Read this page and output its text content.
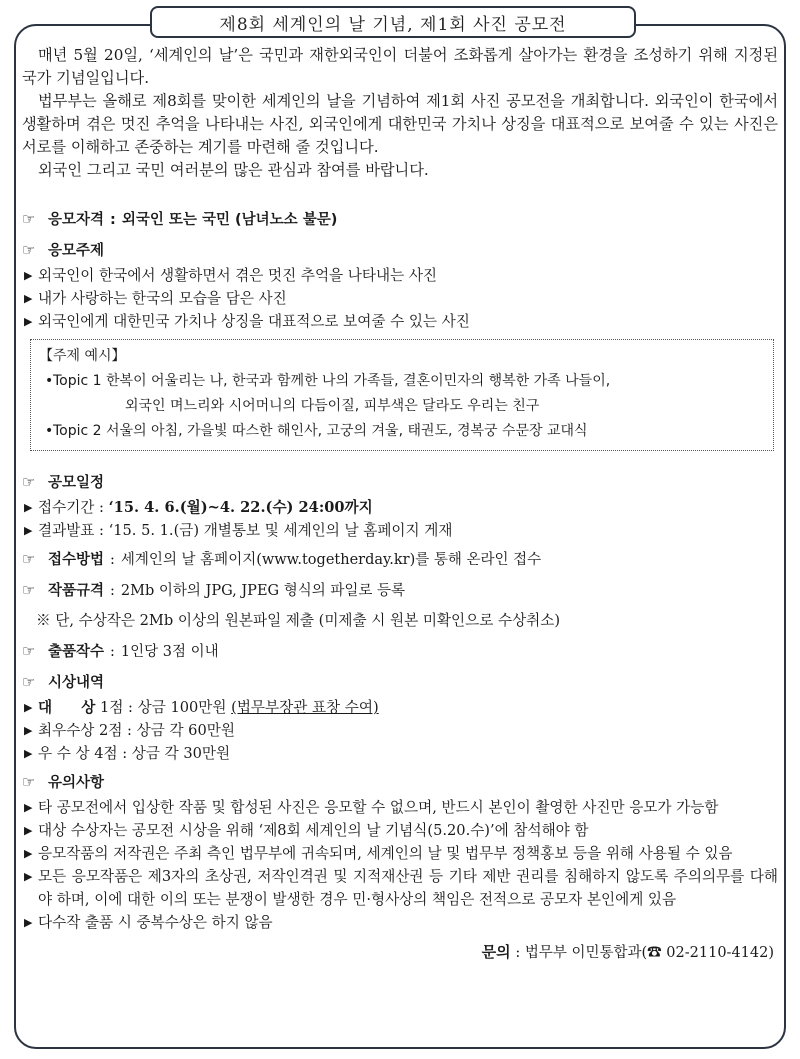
제8회 세계인의 날 기념, 제1회 사진 공모전

매년 5월 20일, ‘세계인의 날’은 국민과 재한외국인이 더불어 조화롭게 살아가는 환경을 조성하기 위해 지정된 국가 기념일입니다.

법무부는 올해로 제8회를 맞이한 세계인의 날을 기념하여 제1회 사진 공모전을 개최합니다. 외국인이 한국에서 생활하며 겪은 멋진 추억을 나타내는 사진, 외국인에게 대한민국 가치나 상징을 대표적으로 보여줄 수 있는 사진은 서로를 이해하고 존중하는 계기를 마련해 줄 것입니다.

외국인 그리고 국민 여러분의 많은 관심과 참여를 바랍니다.

☞ 응모자격 : 외국인 또는 국민 (남녀노소 불문)
☞ 응모주제
▶ 외국인이 한국에서 생활하면서 겪은 멋진 추억을 나타내는 사진
▶ 내가 사랑하는 한국의 모습을 담은 사진
▶ 외국인에게 대한민국 가치나 상징을 대표적으로 보여줄 수 있는 사진
【주제 예시】
• Topic 1 한복이 어울리는 나, 한국과 함께한 나의 가족들, 결혼이민자의 행복한 가족 나들이,
외국인 며느리와 시어머니의 다듬이질, 피부색은 달라도 우리는 친구
• Topic 2 서울의 아침, 가을빛 따스한 해인사, 고궁의 겨울, 태권도, 경복궁 수문장 교대식
☞ 공모일정
▶ 접수기간 : ‘15. 4. 6.(월)~4. 22.(수) 24:00까지
▶ 결과발표 : ‘15. 5. 1.(금) 개별통보 및 세계인의 날 홈페이지 게재
☞ 접수방법 : 세계인의 날 홈페이지(www.togetherday.kr)를 통해 온라인 접수
☞ 작품규격 : 2Mb 이하의 JPG, JPEG 형식의 파일로 등록
※ 단, 수상작은 2Mb 이상의 원본파일 제출 (미제출 시 원본 미확인으로 수상취소)
☞ 출품작수 : 1인당 3점 이내
☞ 시상내역
▶ 대　　상 1점 : 상금 100만원 (법무부장관 표창 수여)
▶ 최우수상 2점 : 상금 각 60만원
▶ 우 수 상 4점 : 상금 각 30만원
☞ 유의사항
▶ 타 공모전에서 입상한 작품 및 합성된 사진은 응모할 수 없으며, 반드시 본인이 촬영한 사진만 응모가 가능함
▶ 대상 수상자는 공모전 시상을 위해 ‘제8회 세계인의 날 기념식(5.20.수)’에 참석해야 함
▶ 응모작품의 저작권은 주최 측인 법무부에 귀속되며, 세계인의 날 및 법무부 정책홍보 등을 위해 사용될 수 있음
▶ 모든 응모작품은 제3자의 초상권, 저작인격권 및 지적재산권 등 기타 제반 권리를 침해하지 않도록 주의의무를 다해야 하며, 이에 대한 이의 또는 분쟁이 발생한 경우 민·형사상의 책임은 전적으로 공모자 본인에게 있음
▶ 다수작 출품 시 중복수상은 하지 않음
문의 : 법무부 이민통합과(☎ 02-2110-4142)
